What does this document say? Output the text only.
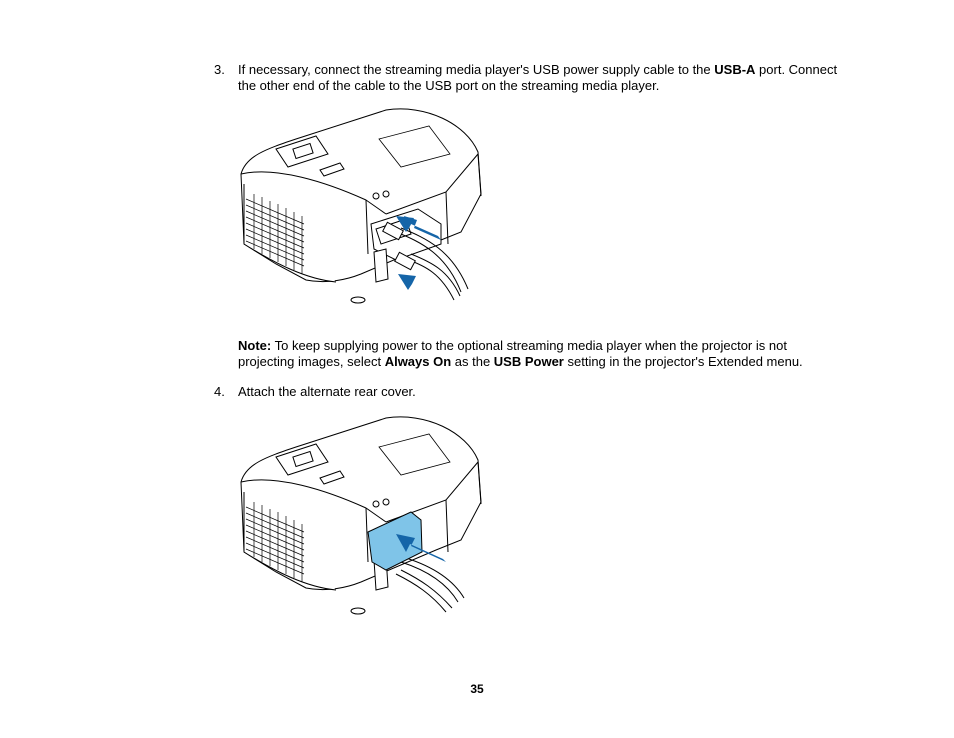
3. If necessary, connect the streaming media player's USB power supply cable to the USB-A port. Connect the other end of the cable to the USB port on the streaming media player.
Note: To keep supplying power to the optional streaming media player when the projector is not projecting images, select Always On as the USB Power setting in the projector's Extended menu.
4. Attach the alternate rear cover.
35
